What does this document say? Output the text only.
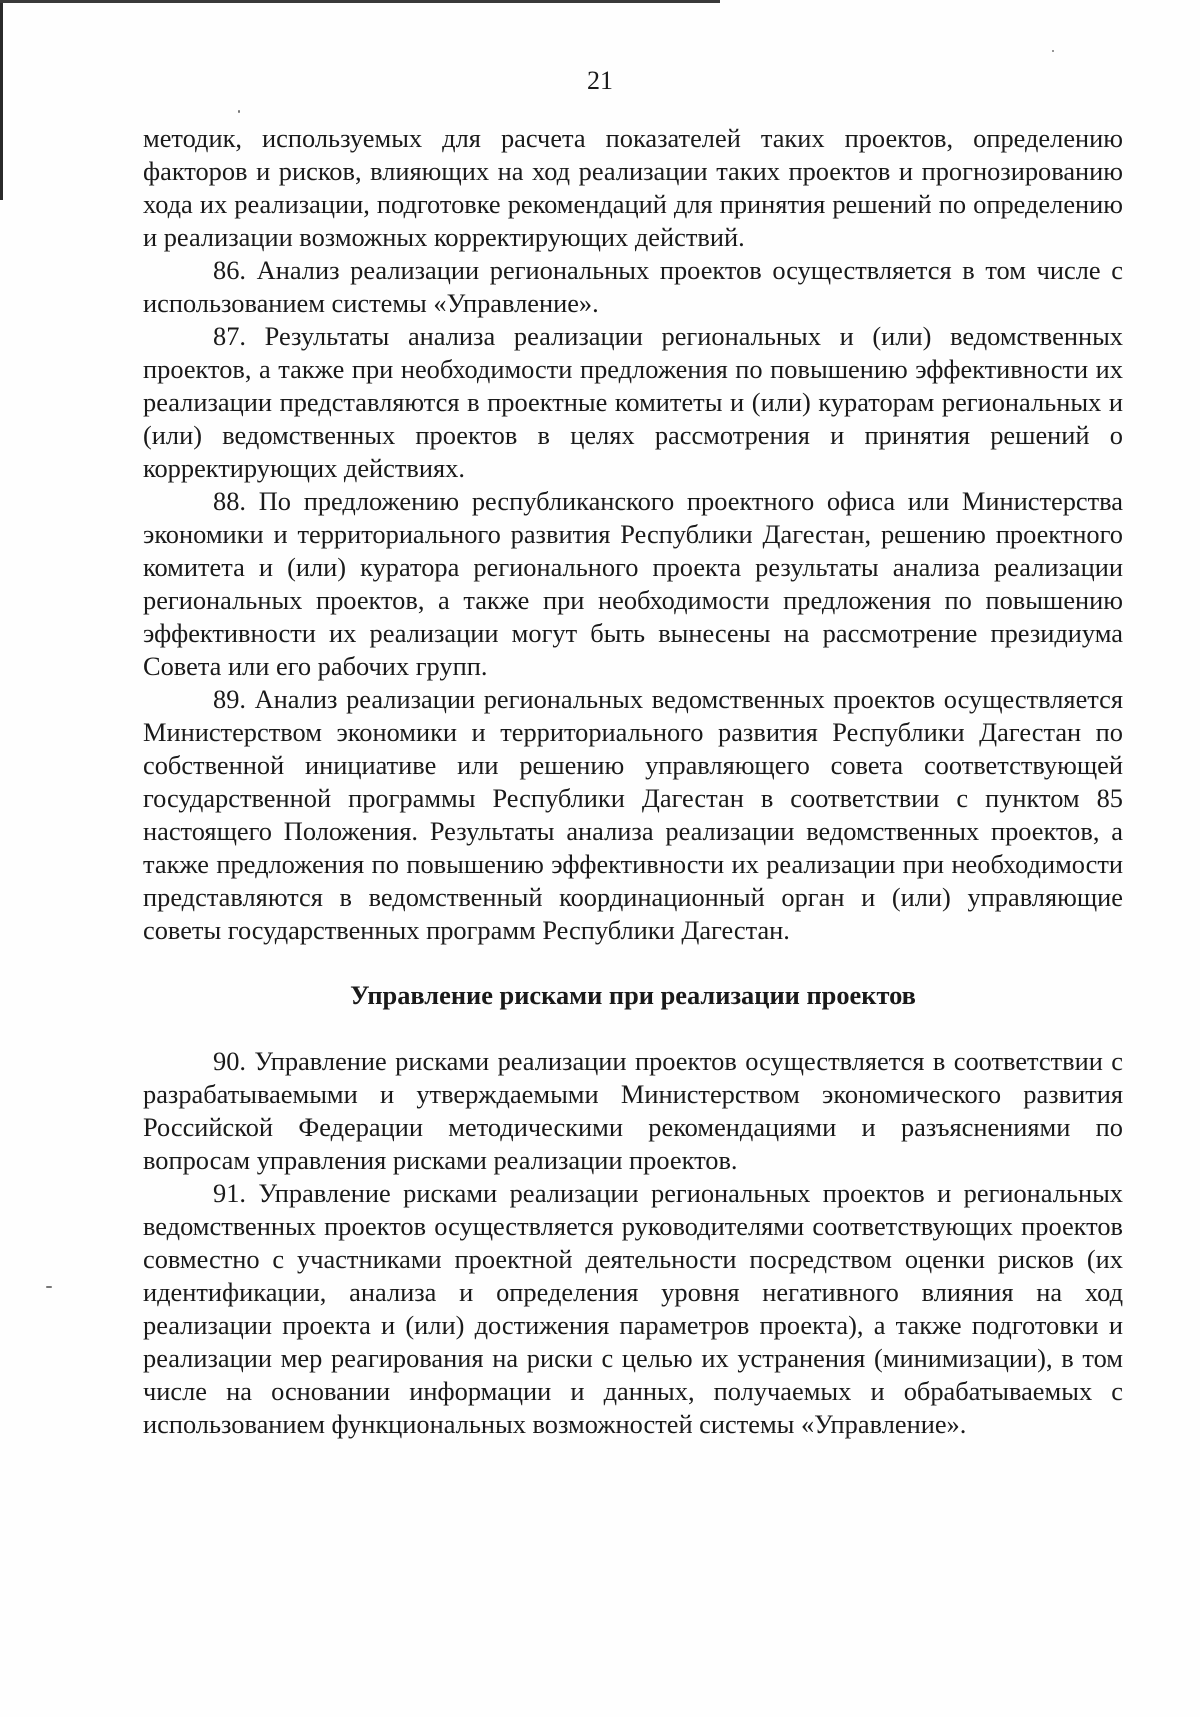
21

методик, используемых для расчета показателей таких проектов, определению факторов и рисков, влияющих на ход реализации таких проектов и прогнозированию хода их реализации, подготовке рекомендаций для принятия решений по определению и реализации возможных корректирующих действий.

86. Анализ реализации региональных проектов осуществляется в том числе с использованием системы «Управление».

87. Результаты анализа реализации региональных и (или) ведомственных проектов, а также при необходимости предложения по повышению эффективности их реализации представляются в проектные комитеты и (или) кураторам региональных и (или) ведомственных проектов в целях рассмотрения и принятия решений о корректирующих действиях.

88. По предложению республиканского проектного офиса или Министерства экономики и территориального развития Республики Дагестан, решению проектного комитета и (или) куратора регионального проекта результаты анализа реализации региональных проектов, а также при необходимости предложения по повышению эффективности их реализации могут быть вынесены на рассмотрение президиума Совета или его рабочих групп.

89. Анализ реализации региональных ведомственных проектов осуществляется Министерством экономики и территориального развития Республики Дагестан по собственной инициативе или решению управляющего совета соответствующей государственной программы Республики Дагестан в соответствии с пунктом 85 настоящего Положения. Результаты анализа реализации ведомственных проектов, а также предложения по повышению эффективности их реализации при необходимости представляются в ведомственный координационный орган и (или) управляющие советы государственных программ Республики Дагестан.

Управление рисками при реализации проектов

90. Управление рисками реализации проектов осуществляется в соответствии с разрабатываемыми и утверждаемыми Министерством экономического развития Российской Федерации методическими рекомендациями и разъяснениями по вопросам управления рисками реализации проектов.

91. Управление рисками реализации региональных проектов и региональных ведомственных проектов осуществляется руководителями соответствующих проектов совместно с участниками проектной деятельности посредством оценки рисков (их идентификации, анализа и определения уровня негативного влияния на ход реализации проекта и (или) достижения параметров проекта), а также подготовки и реализации мер реагирования на риски с целью их устранения (минимизации), в том числе на основании информации и данных, получаемых и обрабатываемых с использованием функциональных возможностей системы «Управление».
